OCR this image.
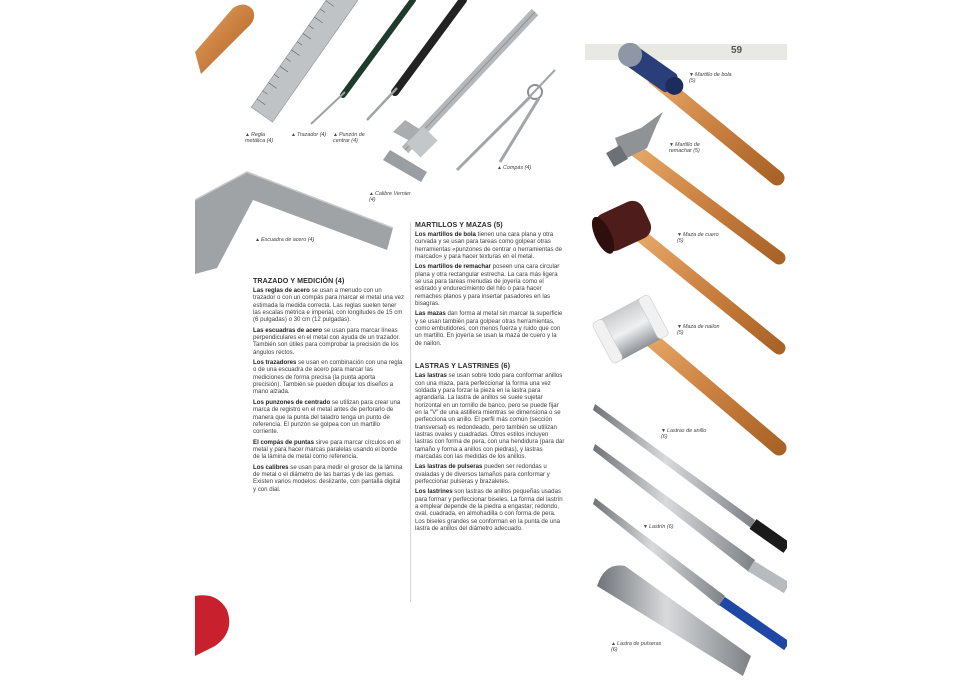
59
▲Regla
metálica (4)
▲Trazador (4) ▲Punzón de
centrar (4)
▲Compás (4)
▲Calibre Vernier
(4)
▲Escuadra de acero (4)
▼Martillo de bola
(5)
▼Martillo de
remachar (5)
▼Maza de cuero
(5)
▼Maza de nailon
(5)
▼Lastras de anillo
(6)
▼Lastrín (6)
▲Lastra de pulseras
(6)
TRAZADO Y MEDICIÓN (4)

Las reglas de acero se usan a menudo con un trazador o con un compás para marcar el metal una vez estimada la medida correcta. Las reglas suelen tener las escalas métrica e imperial, con longitudes de 15 cm (6 pulgadas) o 30 cm (12 pulgadas).

Las escuadras de acero se usan para marcar líneas perpendiculares en el metal con ayuda de un trazador. También son útiles para comprobar la precisión de los ángulos rectos.

Los trazadores se usan en combinación con una regla o de una escuadra de acero para marcar las mediciones de forma precisa (la punta aporta precisión). También se pueden dibujar los diseños a mano alzada.

Los punzones de centrado se utilizan para crear una marca de registro en el metal antes de perforarlo de manera que la punta del taladro tenga un punto de referencia. El punzón se golpea con un martillo corriente.

El compás de puntas sirve para marcar círculos en el metal y para hacer marcas paralelas usando el borde de la lámina de metal como referencia.

Los calibres se usan para medir el grosor de la lámina de metal o el diámetro de las barras y de las gemas. Existen varios modelos: deslizante, con pantalla digital y con dial.

MARTILLOS Y MAZAS (5)

Los martillos de bola tienen una cara plana y otra curvada y se usan para tareas como golpear otras herramientas «punzones de centrar o herramientas de marcado» y para hacer texturas en el metal.

Los martillos de remachar poseen una cara circular plana y otra rectangular estrecha. La cara más ligera se usa para tareas menudas de joyería como el estirado y endurecimiento del hilo o para hacer remaches planos y para insertar pasadores en las bisagras.

Las mazas dan forma al metal sin marcar la superficie y se usan también para golpear otras herramientas, como embutidores, con menos fuerza y ruido que con un martillo. En joyería se usan la maza de cuero y la de nailon.

LASTRAS Y LASTRINES (6)

Las lastras se usan sobre todo para conformar anillos con una maza, para perfeccionar la forma una vez soldada y para forzar la pieza en la lastra para agrandarla. La lastra de anillos se suele sujetar horizontal en un tornillo de banco, pero se puede fijar en la "V" de una astillera mientras se dimensiona o se perfecciona un anillo. El perfil más común (sección transversal) es redondeado, pero también se utilizan lastras ovales y cuadradas. Otros estilos incluyen lastras con forma de pera, con una hendidura (para dar tamaño y forma a anillos con piedras), y lastras marcadas con las medidas de los anillos.

Las lastras de pulseras pueden ser redondas u ovaladas y de diversos tamaños para conformar y perfeccionar pulseras y brazaletes.

Los lastrines son lastras de anillos pequeñas usadas para formar y perfeccionar biseles. La forma del lastrín a emplear depende de la piedra a engastar; redondo, oval, cuadrada, en almohadilla o con forma de pera. Los biseles grandes se conforman en la punta de una lastra de anillos del diámetro adecuado.
